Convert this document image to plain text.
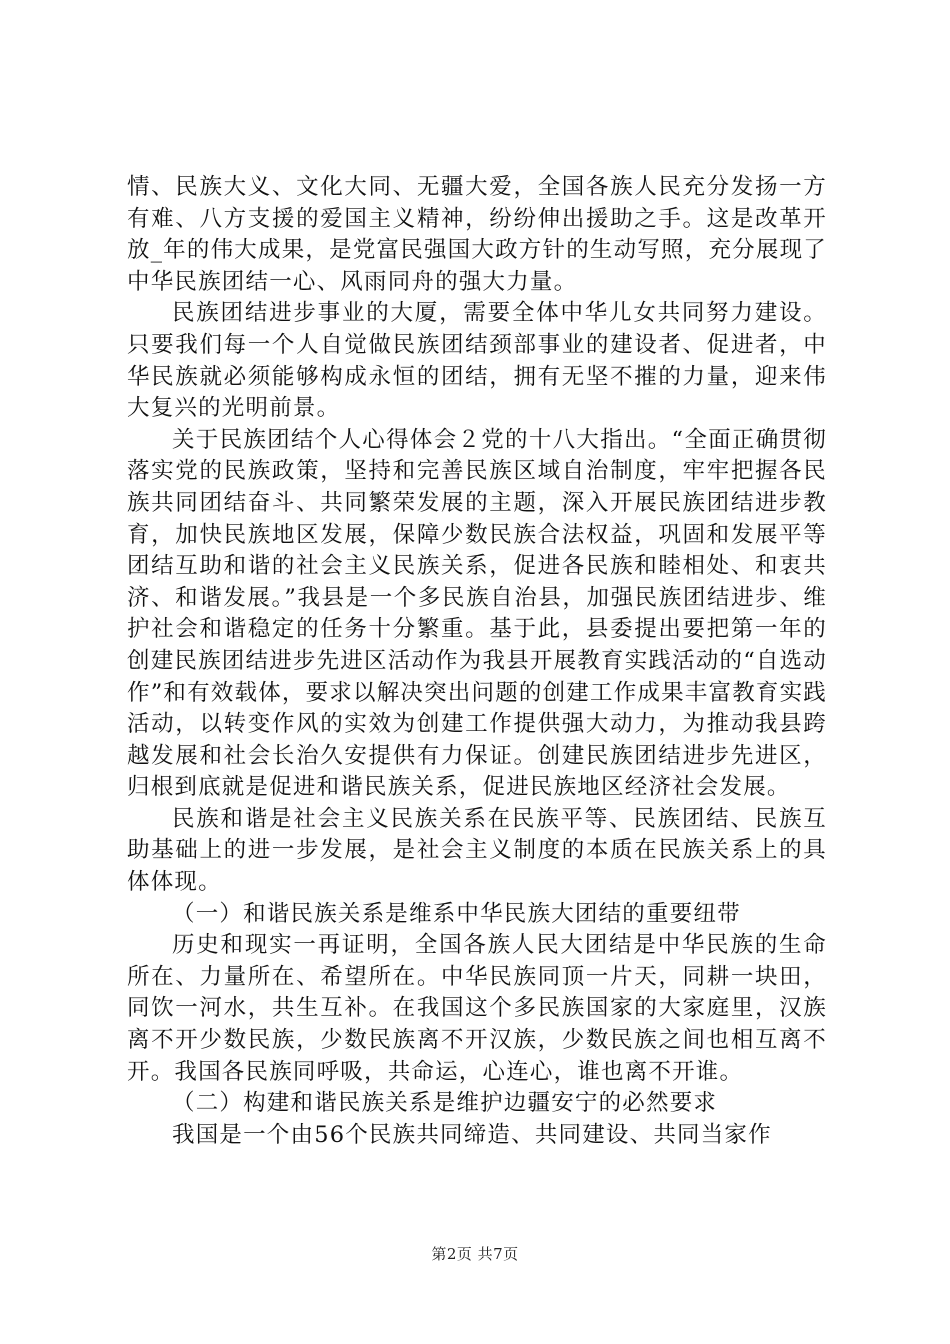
情、民族大义、文化大同、无疆大爱，全国各族人民充分发扬一方有难、八方支援的爱国主义精神，纷纷伸出援助之手。这是改革开放_年的伟大成果，是党富民强国大政方针的生动写照，充分展现了中华民族团结一心、风雨同舟的强大力量。

民族团结进步事业的大厦，需要全体中华儿女共同努力建设。只要我们每一个人自觉做民族团结颈部事业的建设者、促进者，中华民族就必须能够构成永恒的团结，拥有无坚不摧的力量，迎来伟大复兴的光明前景。

关于民族团结个人心得体会２党的十八大指出。“全面正确贯彻落实党的民族政策，坚持和完善民族区域自治制度，牢牢把握各民族共同团结奋斗、共同繁荣发展的主题，深入开展民族团结进步教育，加快民族地区发展，保障少数民族合法权益，巩固和发展平等团结互助和谐的社会主义民族关系，促进各民族和睦相处、和衷共济、和谐发展。”我县是一个多民族自治县，加强民族团结进步、维护社会和谐稳定的任务十分繁重。基于此，县委提出要把第一年的创建民族团结进步先进区活动作为我县开展教育实践活动的“自选动作”和有效载体，要求以解决突出问题的创建工作成果丰富教育实践活动，以转变作风的实效为创建工作提供强大动力，为推动我县跨越发展和社会长治久安提供有力保证。创建民族团结进步先进区，归根到底就是促进和谐民族关系，促进民族地区经济社会发展。

民族和谐是社会主义民族关系在民族平等、民族团结、民族互助基础上的进一步发展，是社会主义制度的本质在民族关系上的具体体现。

（一）和谐民族关系是维系中华民族大团结的重要纽带

历史和现实一再证明，全国各族人民大团结是中华民族的生命所在、力量所在、希望所在。中华民族同顶一片天，同耕一块田，同饮一河水，共生互补。在我国这个多民族国家的大家庭里，汉族离不开少数民族，少数民族离不开汉族，少数民族之间也相互离不开。我国各民族同呼吸，共命运，心连心，谁也离不开谁。

（二）构建和谐民族关系是维护边疆安宁的必然要求

我国是一个由56个民族共同缔造、共同建设、共同当家作

第2页 共7页
